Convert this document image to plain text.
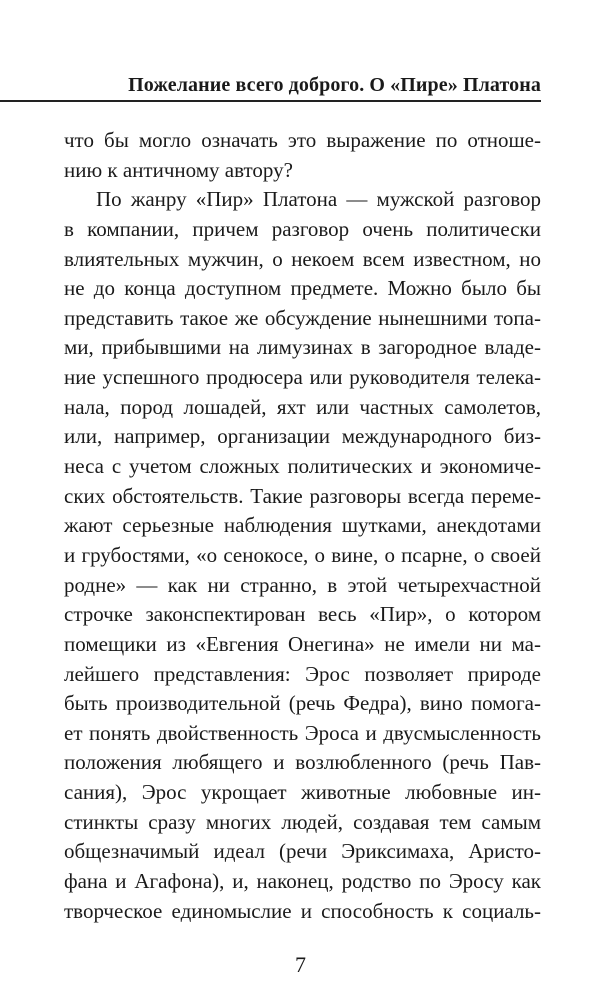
Пожелание всего доброго. О «Пире» Платона
что бы могло означать это выражение по отноше-
нию к античному автору?
По жанру «Пир» Платона — мужской разговор
в компании, причем разговор очень политически
влиятельных мужчин, о некоем всем известном, но
не до конца доступном предмете. Можно было бы
представить такое же обсуждение нынешними топа-
ми, прибывшими на лимузинах в загородное владе-
ние успешного продюсера или руководителя телека-
нала, пород лошадей, яхт или частных самолетов,
или, например, организации международного биз-
неса с учетом сложных политических и экономиче-
ских обстоятельств. Такие разговоры всегда переме-
жают серьезные наблюдения шутками, анекдотами
и грубостями, «о сенокосе, о вине, о псарне, о своей
родне» — как ни странно, в этой четырехчастной
строчке законспектирован весь «Пир», о котором
помещики из «Евгения Онегина» не имели ни ма-
лейшего представления: Эрос позволяет природе
быть производительной (речь Федра), вино помога-
ет понять двойственность Эроса и двусмысленность
положения любящего и возлюбленного (речь Пав-
сания), Эрос укрощает животные любовные ин-
стинкты сразу многих людей, создавая тем самым
общезначимый идеал (речи Эриксимаха, Аристо-
фана и Агафона), и, наконец, родство по Эросу как
творческое единомыслие и способность к социаль-
7
